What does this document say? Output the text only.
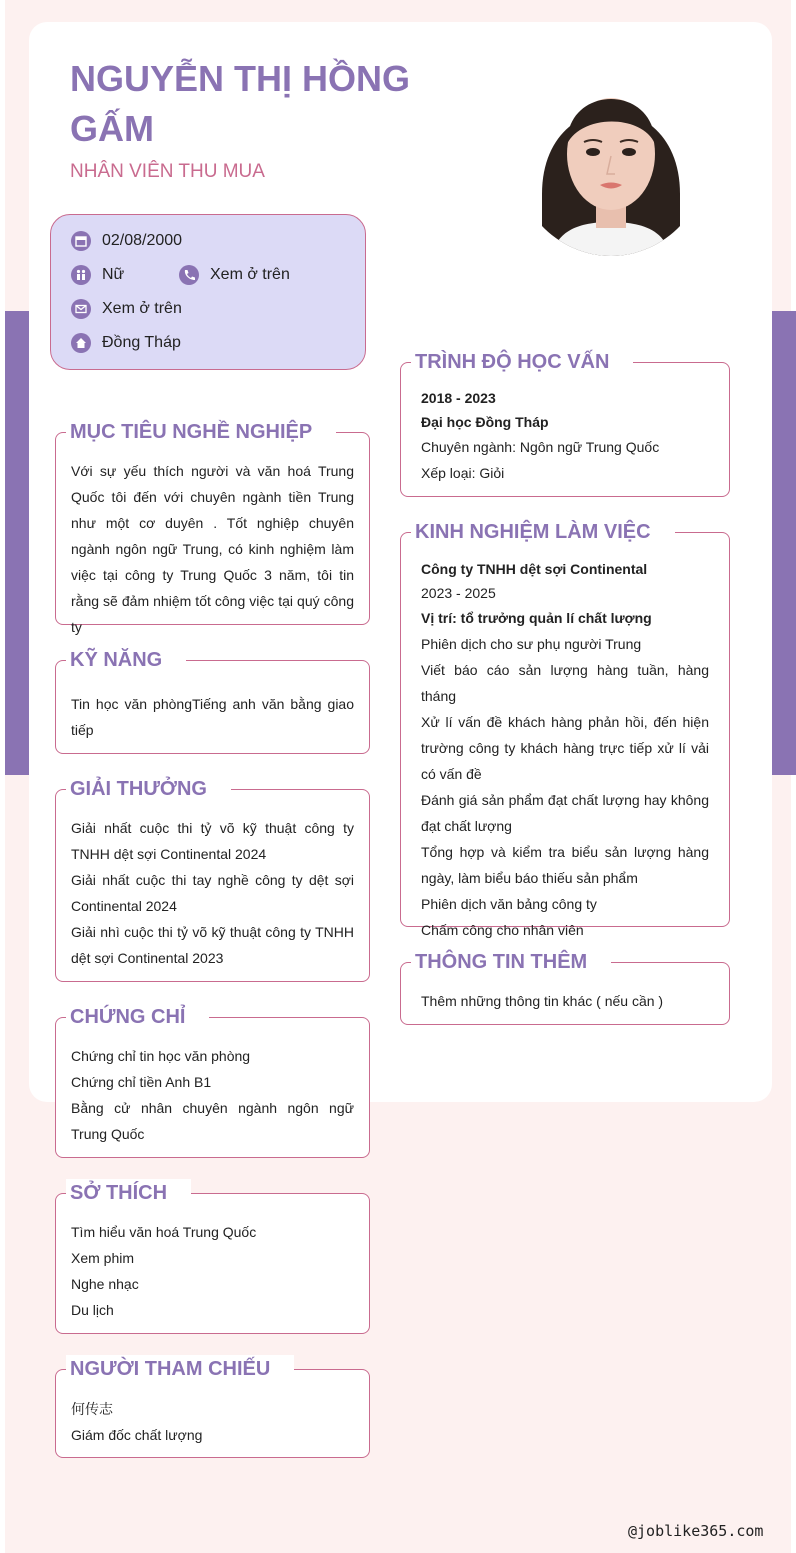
NGUYỄN THỊ HỒNG GẤM
NHÂN VIÊN THU MUA
02/08/2000
Nữ	Xem ở trên
Xem ở trên
Đồng Tháp
MỤC TIÊU NGHỀ NGHIỆP
Với sự yếu thích người và văn hoá Trung Quốc tôi đến với chuyên ngành tiền Trung như một cơ duyên . Tốt nghiệp chuyên ngành ngôn ngữ Trung, có kinh nghiệm làm việc tại công ty Trung Quốc 3 năm, tôi tin rằng sẽ đảm nhiệm tốt công việc tại quý công ty
KỸ NĂNG
Tin học văn phòngTiếng anh văn bằng giao tiếp
GIẢI THƯỞNG

Giải nhất cuộc thi tỷ võ kỹ thuật công ty TNHH dệt sợi Continental 2024

Giải nhất cuộc thi tay nghề công ty dệt sợi Continental 2024

Giải nhì cuộc thi tỷ võ kỹ thuật công ty TNHH dệt sợi Continental 2023

CHỨNG CHỈ

Chứng chỉ tin học văn phòng

Chứng chỉ tiền Anh B1

Bằng cử nhân chuyên ngành ngôn ngữ Trung Quốc

SỞ THÍCH

Tìm hiểu văn hoá Trung Quốc

Xem phim

Nghe nhạc

Du lịch

NGƯỜI THAM CHIẾU

何传志

Giám đốc chất lượng

TRÌNH ĐỘ HỌC VẤN

2018 - 2023

Đại học Đồng Tháp

Chuyên ngành: Ngôn ngữ Trung Quốc

Xếp loại: Giỏi

KINH NGHIỆM LÀM VIỆC

Công ty TNHH dệt sợi Continental

2023 - 2025

Vị trí: tổ trưởng quản lí chất lượng

Phiên dịch cho sư phụ người Trung

Viết báo cáo sản lượng hàng tuần, hàng tháng

Xử lí vấn đề khách hàng phản hồi, đến hiện trường công ty khách hàng trực tiếp xử lí vải có vấn đề

Đánh giá sản phẩm đạt chất lượng hay không đạt chất lượng

Tổng hợp và kiểm tra biểu sản lượng hàng ngày, làm biểu báo thiếu sản phẩm

Phiên dịch văn bảng công ty

Chấm công cho nhân viên

THÔNG TIN THÊM
Thêm những thông tin khác ( nếu cần )
@joblike365.com
